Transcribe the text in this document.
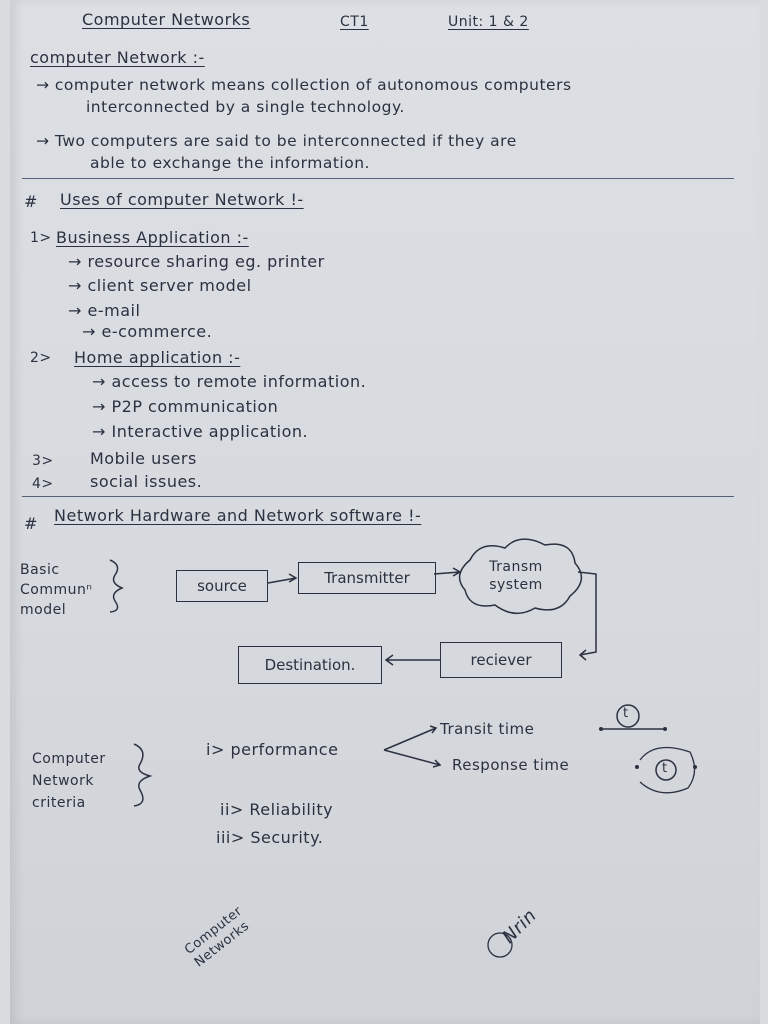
Computer Networks	CT1	Unit: 1 & 2
computer Network :-
→ computer network means collection of autonomous computers
interconnected by a single technology.
→ Two computers are said to be interconnected if they are
able to exchange the information.
# Uses of computer Network !-
1> Business Application :-
→ resource sharing eg. printer
→ client server model
→ e-mail
→ e-commerce.
2> Home application :-
→ access to remote information.
→ P2P communication
→ Interactive application.
3> Mobile users
4> social issues.
# Network Hardware and Network software !-
Basic Communⁿ model
source	Transmitter
Transm system
reciever
Destination.
Computer Network criteria
i> performance
Transit time
Response time
ii> Reliability
iii> Security.
t
t
Computer Networks	Nrin
